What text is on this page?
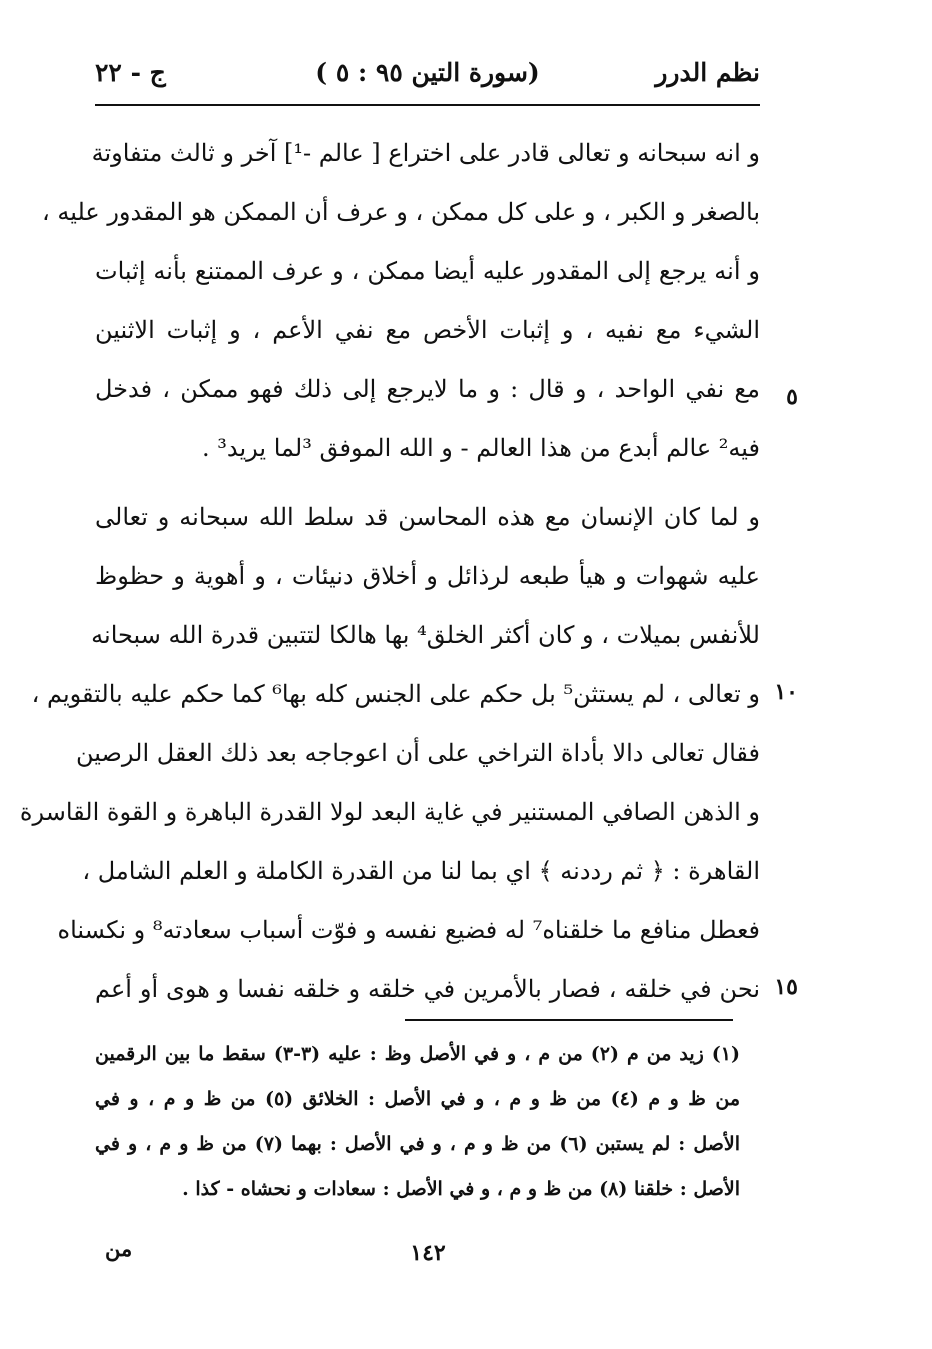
نظم الدرر
(سورة التين ٩٥ : ٥ )
ج - ٢٢
و انه سبحانه و تعالى قادر على اختراع [ عالم -¹] آخر و ثالث متفاوتة
بالصغر و الكبر ، و على كل ممكن ، و عرف أن الممكن هو المقدور عليه ،
و أنه يرجع إلى المقدور عليه أيضا ممكن ، و عرف الممتنع بأنه إثبات
الشيء مع نفيه ، و إثبات الأخص مع نفي الأعم ، و إثبات الاثنين
مع نفي الواحد ، و قال : و ما لايرجع إلى ذلك فهو ممكن ، فدخل
فيه² عالم أبدع من هذا العالم - و الله الموفق ³لما يريد³ .
و لما كان الإنسان مع هذه المحاسن قد سلط الله سبحانه و تعالى
عليه شهوات و هيأ طبعه لرذائل و أخلاق دنيئات ، و أهوية و حظوظ
للأنفس بميلات ، و كان أكثر الخلق⁴ بها هالكا لتتبين قدرة الله سبحانه
و تعالى ، لم يستثن⁵ بل حكم على الجنس كله بها⁶ كما حكم عليه بالتقويم ،
فقال تعالى دالا بأداة التراخي على أن اعوجاجه بعد ذلك العقل الرصين
و الذهن الصافي المستنير في غاية البعد لولا القدرة الباهرة و القوة القاسرة
القاهرة : ﴿ ثم رددنه ﴾ اي بما لنا من القدرة الكاملة و العلم الشامل ،
فعطل منافع ما خلقناه⁷ له فضيع نفسه و فوّت أسباب سعادته⁸ و نكسناه
نحن في خلقه ، فصار بالأمرين في خلقه و خلقه نفسا و هوى أو أعم
٥
١٠
١٥
(١) زيد من م (٢) من م ، و في الأصل وظ : عليه (٣-٣) سقط ما بين الرقمين
من ظ و م (٤) من ظ و م ، و في الأصل : الخلائق (٥) من ظ و م ، و في
الأصل : لم يستبن (٦) من ظ و م ، و في الأصل : بهما (٧) من ظ و م ، و في
الأصل : خلقنا (٨) من ظ و م ، و في الأصل : سعادات و نحشاه - كذا .
١٤٢
من
